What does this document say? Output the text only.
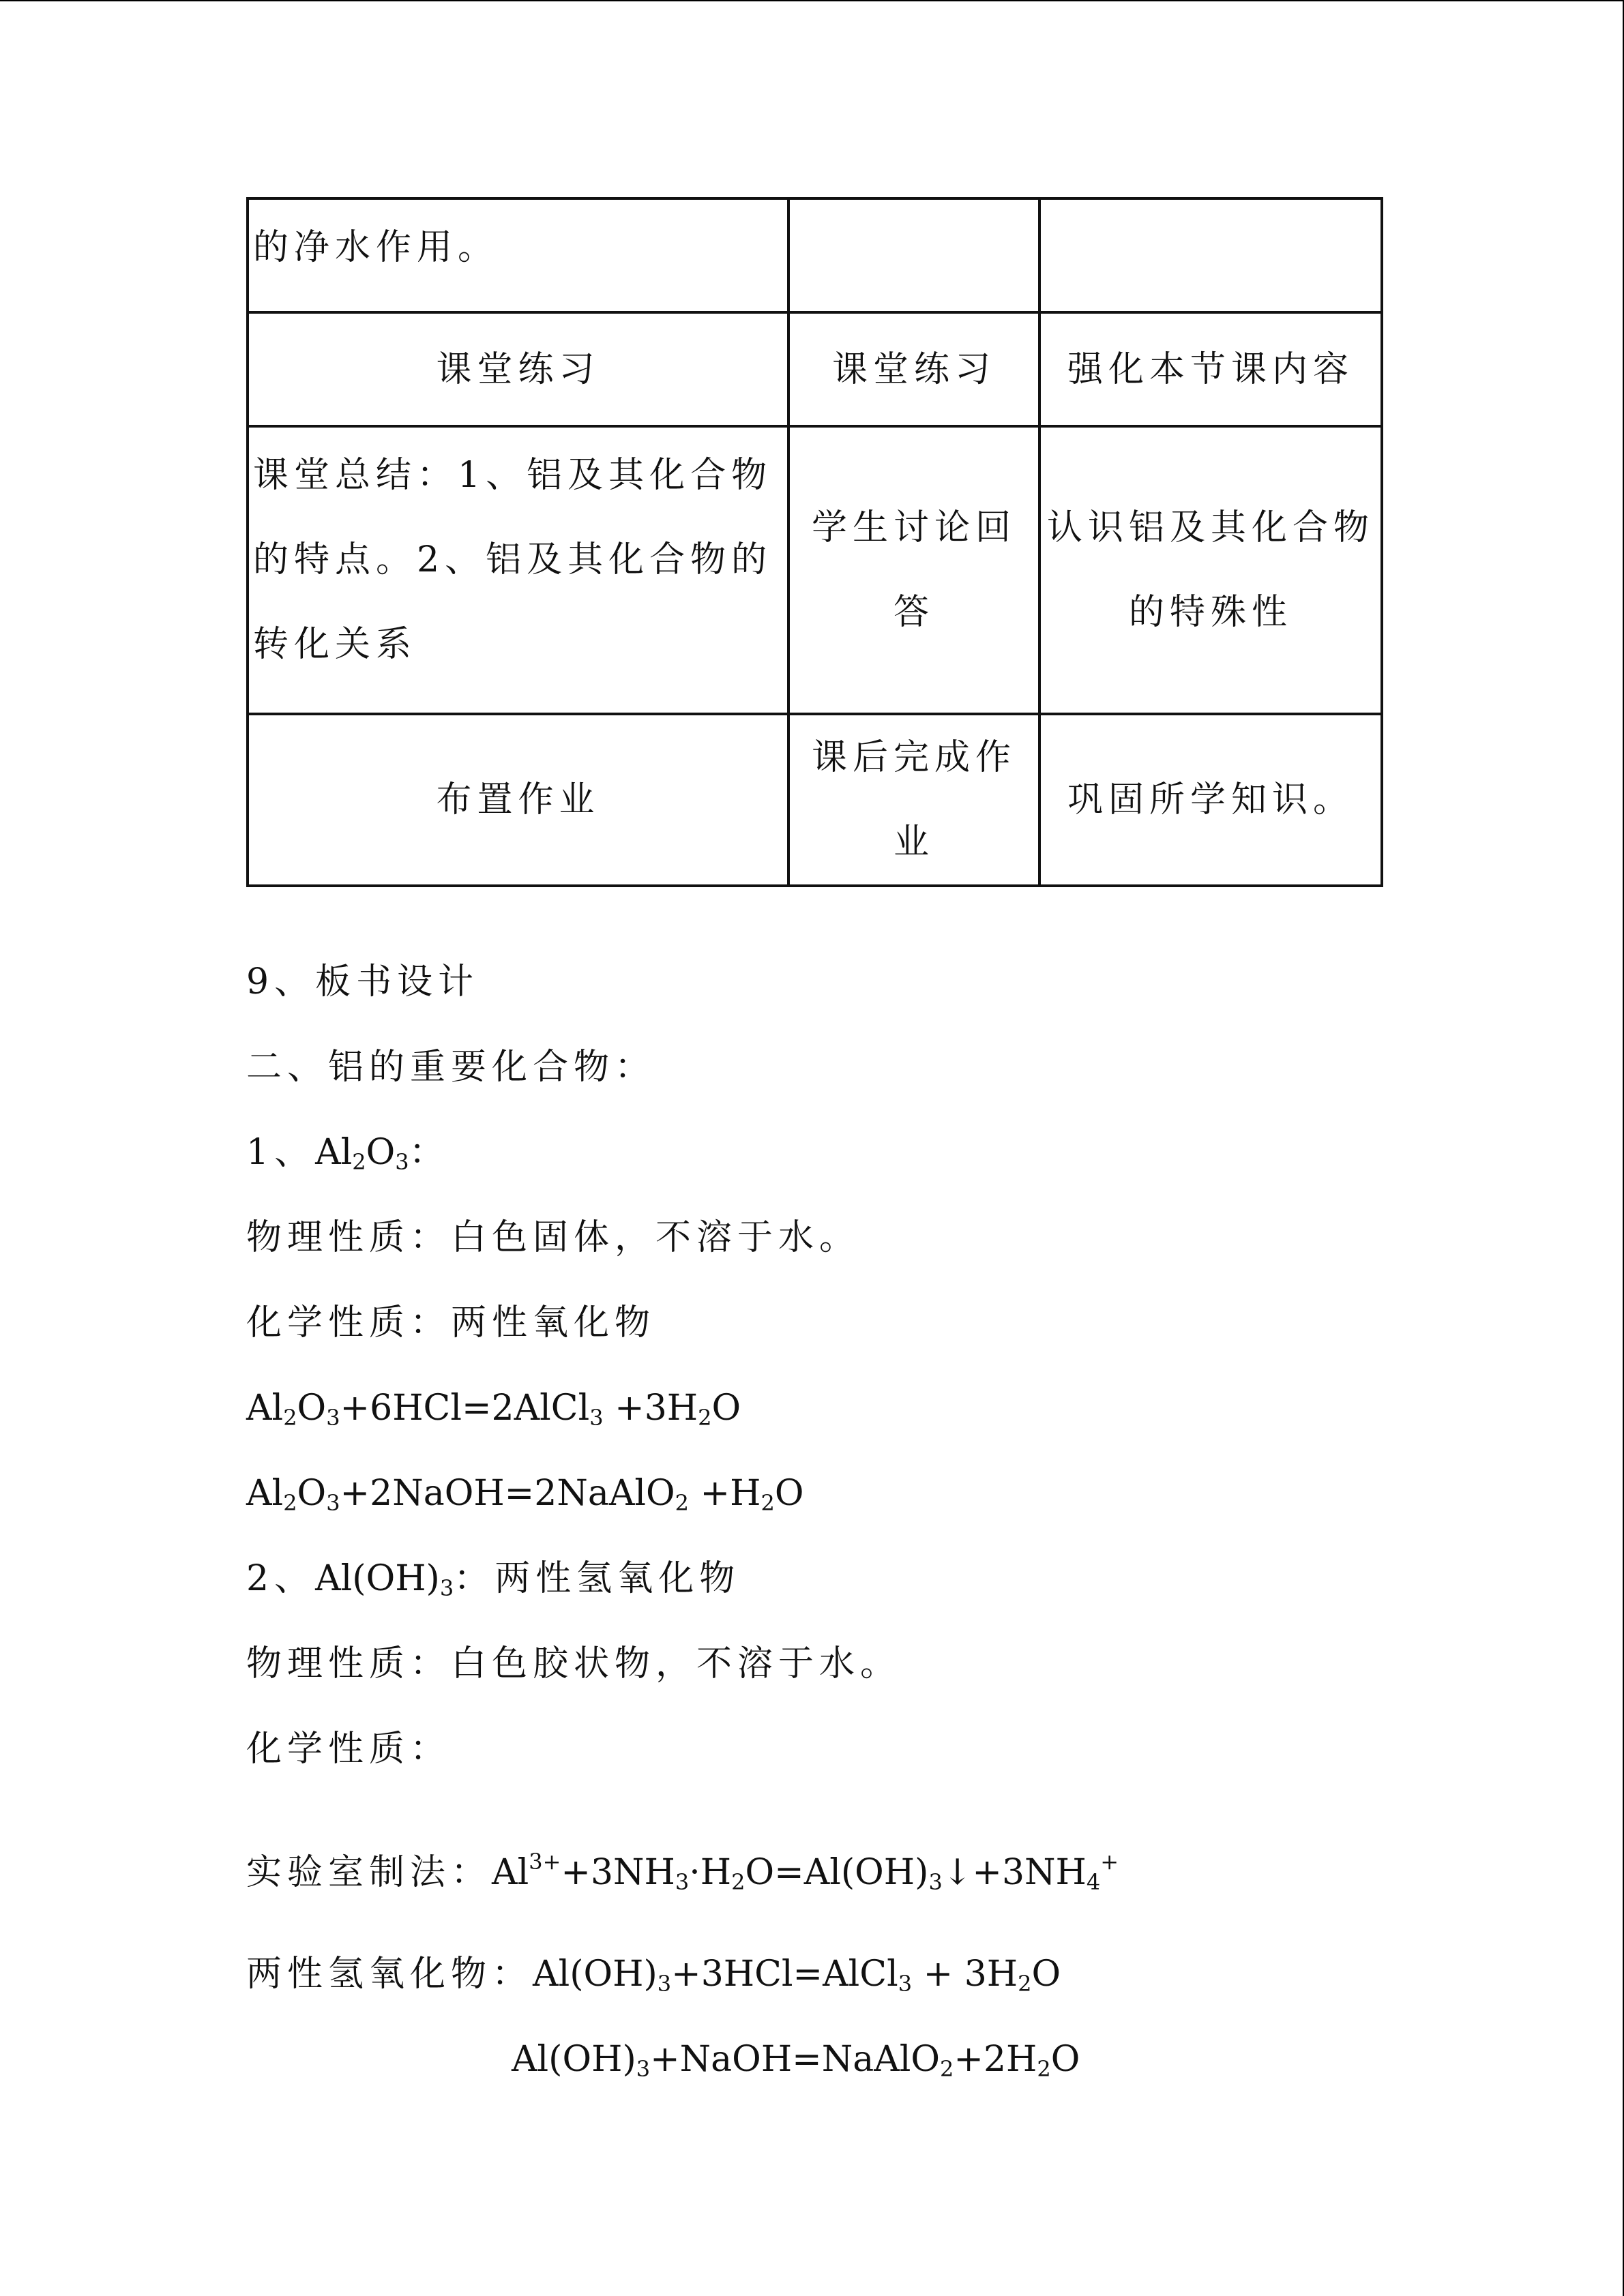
的净水作用。		
课堂练习	课堂练习	强化本节课内容
课堂总结：1、铝及其化合物的特点。2、铝及其化合物的转化关系	学生讨论回答	认识铝及其化合物的特殊性
布置作业	课后完成作业	巩固所学知识。
9、板书设计
二、铝的重要化合物：
1、$Al_2O_3$：
物理性质：白色固体，不溶于水。
化学性质：两性氧化物
$Al_2O_3+6HCl=2AlCl_3 +3H_2O$
$Al_2O_3+2NaOH=2NaAlO_2 +H_2O$
2、$Al(OH)_3$：两性氢氧化物
物理性质：白色胶状物，不溶于水。
化学性质：
实验室制法：$Al^{3+}+3NH_3\cdot H_2O=Al(OH)_3↓+3NH_4^+$
两性氢氧化物：$Al(OH)_3+3HCl=AlCl_3 + 3H_2O$
$Al(OH)_3+NaOH=NaAlO_2+2H_2O$
